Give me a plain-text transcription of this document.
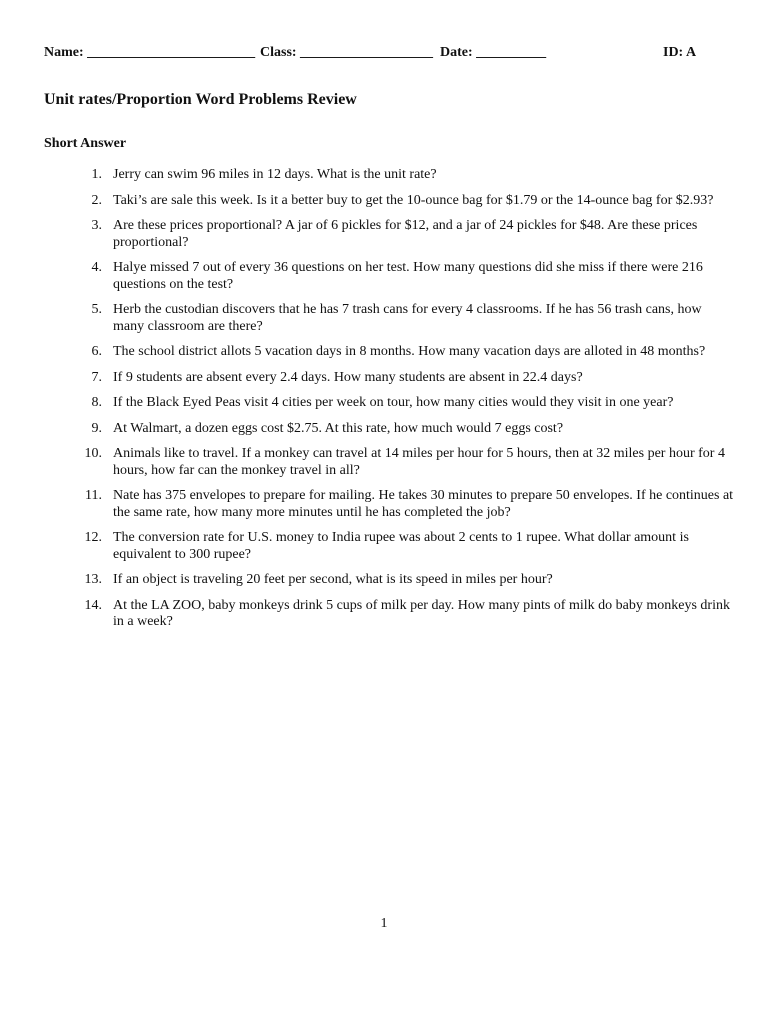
Name: ________________________ Class: ___________________ Date: __________	ID: A
Unit rates/Proportion Word Problems Review
Short Answer
1. Jerry can swim 96 miles in 12 days. What is the unit rate?
2. Taki’s are sale this week. Is it a better buy to get the 10-ounce bag for $1.79 or the 14-ounce bag for $2.93?
3. Are these prices proportional? A jar of 6 pickles for $12, and a jar of 24 pickles for $48. Are these prices proportional?
4. Halye missed 7 out of every 36 questions on her test. How many questions did she miss if there were 216 questions on the test?
5. Herb the custodian discovers that he has 7 trash cans for every 4 classrooms. If he has 56 trash cans, how many classroom are there?
6. The school district allots 5 vacation days in 8 months. How many vacation days are alloted in 48 months?
7. If 9 students are absent every 2.4 days. How many students are absent in 22.4 days?
8. If the Black Eyed Peas visit 4 cities per week on tour, how many cities would they visit in one year?
9. At Walmart, a dozen eggs cost $2.75. At this rate, how much would 7 eggs cost?
10. Animals like to travel. If a monkey can travel at 14 miles per hour for 5 hours, then at 32 miles per hour for 4 hours, how far can the monkey travel in all?
11. Nate has 375 envelopes to prepare for mailing. He takes 30 minutes to prepare 50 envelopes. If he continues at the same rate, how many more minutes until he has completed the job?
12. The conversion rate for U.S. money to India rupee was about 2 cents to 1 rupee. What dollar amount is equivalent to 300 rupee?
13. If an object is traveling 20 feet per second, what is its speed in miles per hour?
14. At the LA ZOO, baby monkeys drink 5 cups of milk per day. How many pints of milk do baby monkeys drink in a week?
1
